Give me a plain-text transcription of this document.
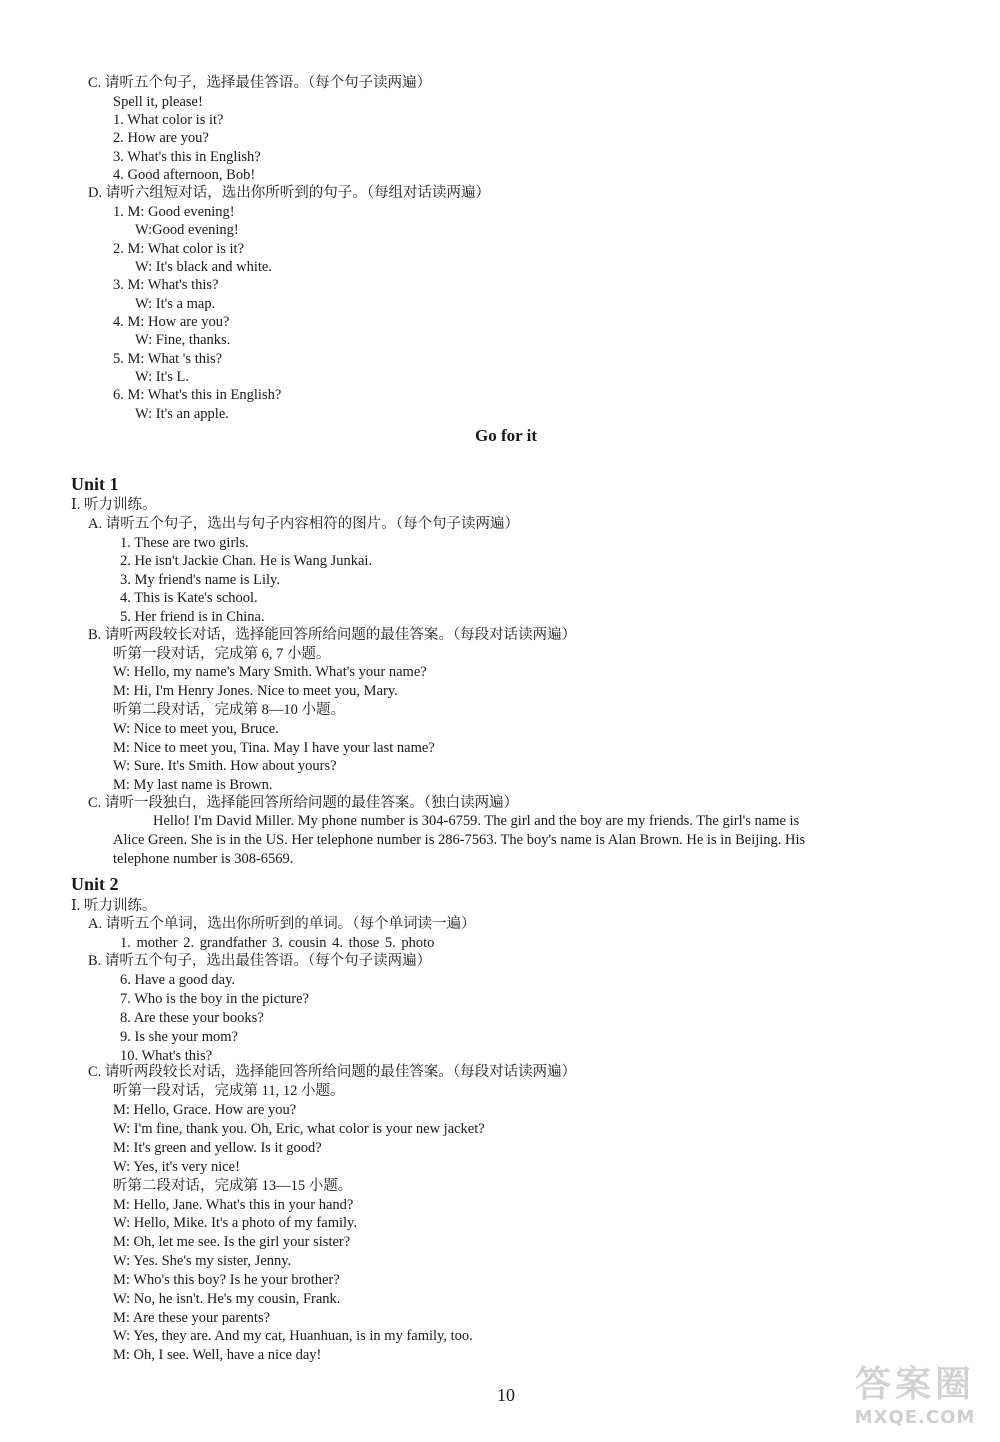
C. 请听五个句子，选择最佳答语。（每个句子读两遍）
Spell it, please!
1. What color is it?
2. How are you?
3. What's this in English?
4. Good afternoon, Bob!
D. 请听六组短对话，选出你所听到的句子。（每组对话读两遍）
1. M: Good evening!
W:Good evening!
2. M: What color is it?
W: It's black and white.
3. M: What's this?
W: It's a map.
4. M: How are you?
W: Fine, thanks.
5. M: What 's this?
W: It's L.
6. M: What's this in English?
W: It's an apple.
Go for it
Unit 1
Ⅰ. 听力训练。
A. 请听五个句子，选出与句子内容相符的图片。（每个句子读两遍）
1. These are two girls.
2. He isn't Jackie Chan. He is Wang Junkai.
3. My friend's name is Lily.
4. This is Kate's school.
5. Her friend is in China.
B. 请听两段较长对话，选择能回答所给问题的最佳答案。（每段对话读两遍）
听第一段对话，完成第 6, 7 小题。
W: Hello, my name's Mary Smith. What's your name?
M: Hi, I'm Henry Jones. Nice to meet you, Mary.
听第二段对话，完成第 8—10 小题。
W: Nice to meet you, Bruce.
M: Nice to meet you, Tina. May I have your last name?
W: Sure. It's Smith. How about yours?
M: My last name is Brown.
C. 请听一段独白，选择能回答所给问题的最佳答案。（独白读两遍）
Hello! I'm David Miller. My phone number is 304-6759. The girl and the boy are my friends. The girl's name is
Alice Green. She is in the US. Her telephone number is 286-7563. The boy's name is Alan Brown. He is in Beijing. His
telephone number is 308-6569.
Unit 2
Ⅰ. 听力训练。
A. 请听五个单词，选出你所听到的单词。（每个单词读一遍）
1. mother 2. grandfather 3. cousin 4. those 5. photo
B. 请听五个句子，选出最佳答语。（每个句子读两遍）
6. Have a good day.
7. Who is the boy in the picture?
8. Are these your books?
9. Is she your mom?
10. What's this?
C. 请听两段较长对话，选择能回答所给问题的最佳答案。（每段对话读两遍）
听第一段对话，完成第 11, 12 小题。
M: Hello, Grace. How are you?
W: I'm fine, thank you. Oh, Eric, what color is your new jacket?
M: It's green and yellow. Is it good?
W: Yes, it's very nice!
听第二段对话，完成第 13—15 小题。
M: Hello, Jane. What's this in your hand?
W: Hello, Mike. It's a photo of my family.
M: Oh, let me see. Is the girl your sister?
W: Yes. She's my sister, Jenny.
M: Who's this boy? Is he your brother?
W: No, he isn't. He's my cousin, Frank.
M: Are these your parents?
W: Yes, they are. And my cat, Huanhuan, is in my family, too.
M: Oh, I see. Well, have a nice day!
10	答案圈
MXQE.COM
